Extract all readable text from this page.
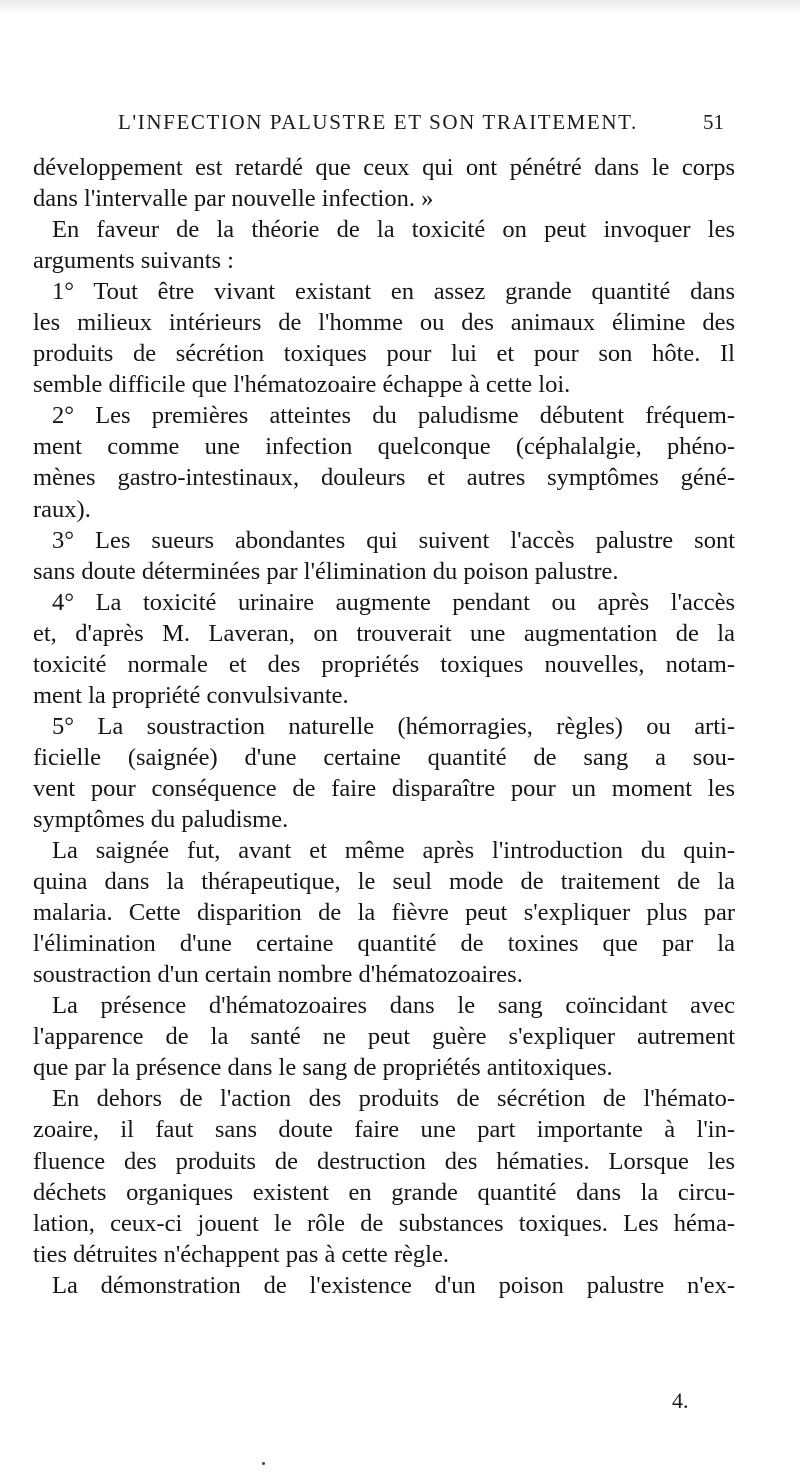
L'INFECTION PALUSTRE ET SON TRAITEMENT.	51
développement est retardé que ceux qui ont pénétré dans le corps
dans l'intervalle par nouvelle infection. »
En faveur de la théorie de la toxicité on peut invoquer les
arguments suivants :
1° Tout être vivant existant en assez grande quantité dans
les milieux intérieurs de l'homme ou des animaux élimine des
produits de sécrétion toxiques pour lui et pour son hôte. Il
semble difficile que l'hématozoaire échappe à cette loi.
2° Les premières atteintes du paludisme débutent fréquem-
ment comme une infection quelconque (céphalalgie, phéno-
mènes gastro-intestinaux, douleurs et autres symptômes géné-
raux).
3° Les sueurs abondantes qui suivent l'accès palustre sont
sans doute déterminées par l'élimination du poison palustre.
4° La toxicité urinaire augmente pendant ou après l'accès
et, d'après M. Laveran, on trouverait une augmentation de la
toxicité normale et des propriétés toxiques nouvelles, notam-
ment la propriété convulsivante.
5° La soustraction naturelle (hémorragies, règles) ou arti-
ficielle (saignée) d'une certaine quantité de sang a sou-
vent pour conséquence de faire disparaître pour un moment les
symptômes du paludisme.
La saignée fut, avant et même après l'introduction du quin-
quina dans la thérapeutique, le seul mode de traitement de la
malaria. Cette disparition de la fièvre peut s'expliquer plus par
l'élimination d'une certaine quantité de toxines que par la
soustraction d'un certain nombre d'hématozoaires.
La présence d'hématozoaires dans le sang coïncidant avec
l'apparence de la santé ne peut guère s'expliquer autrement
que par la présence dans le sang de propriétés antitoxiques.
En dehors de l'action des produits de sécrétion de l'hémato-
zoaire, il faut sans doute faire une part importante à l'in-
fluence des produits de destruction des hématies. Lorsque les
déchets organiques existent en grande quantité dans la circu-
lation, ceux-ci jouent le rôle de substances toxiques. Les héma-
ties détruites n'échappent pas à cette règle.
La démonstration de l'existence d'un poison palustre n'ex-
4.
